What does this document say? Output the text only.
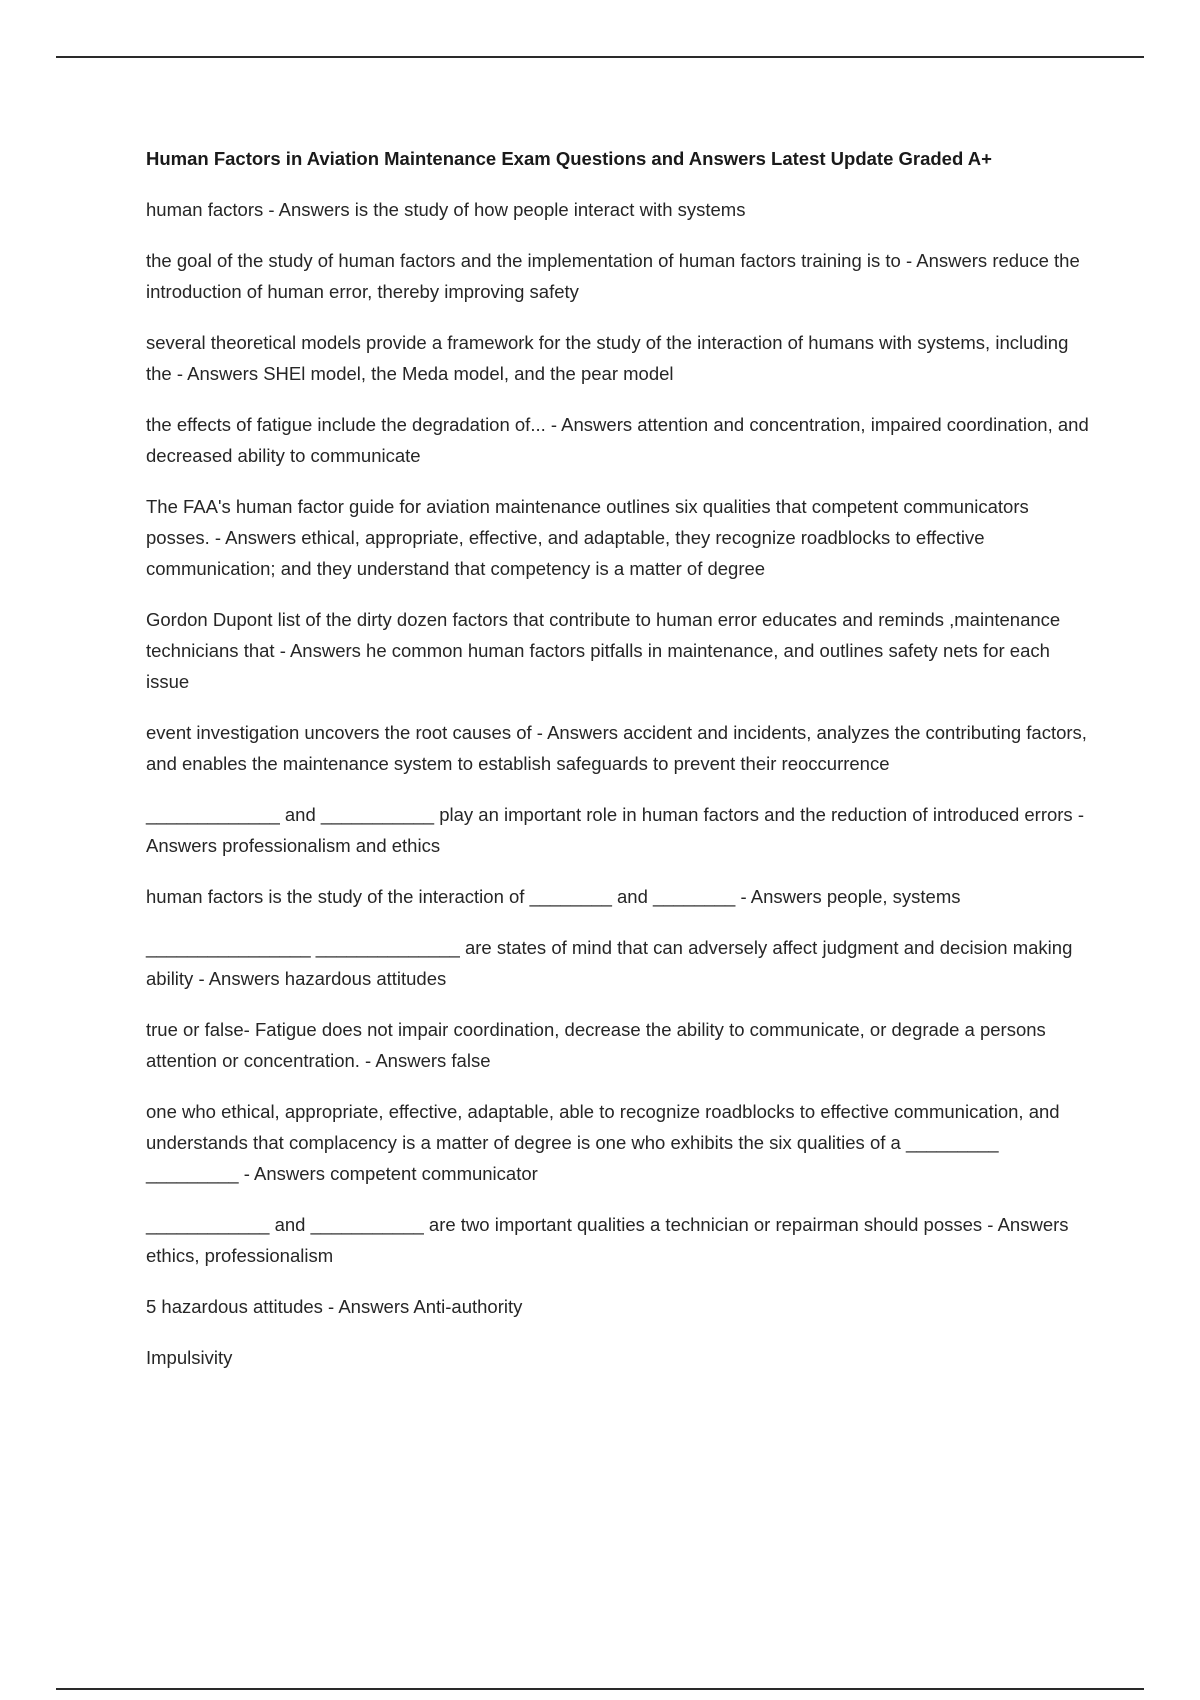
Human Factors in Aviation Maintenance Exam Questions and Answers Latest Update Graded A+

human factors - Answers is the study of how people interact with systems

the goal of the study of human factors and the implementation of human factors training is to - Answers reduce the introduction of human error, thereby improving safety

several theoretical models provide a framework for the study of the interaction of humans with systems, including the - Answers SHEl model, the Meda model, and the pear model

the effects of fatigue include the degradation of... - Answers attention and concentration, impaired coordination, and decreased ability to communicate

The FAA's human factor guide for aviation maintenance outlines six qualities that competent communicators posses. - Answers ethical, appropriate, effective, and adaptable, they recognize roadblocks to effective communication; and they understand that competency is a matter of degree

Gordon Dupont list of the dirty dozen factors that contribute to human error educates and reminds ,maintenance technicians that - Answers he common human factors pitfalls in maintenance, and outlines safety nets for each issue

event investigation uncovers the root causes of - Answers accident and incidents, analyzes the contributing factors, and enables the maintenance system to establish safeguards to prevent their reoccurrence

_____________ and ___________ play an important role in human factors and the reduction of introduced errors - Answers professionalism and ethics

human factors is the study of the interaction of ________ and ________ - Answers people, systems

________________ ______________ are states of mind that can adversely affect judgment and decision making ability - Answers hazardous attitudes

true or false- Fatigue does not impair coordination, decrease the ability to communicate, or degrade a persons attention or concentration. - Answers false

one who ethical, appropriate, effective, adaptable, able to recognize roadblocks to effective communication, and understands that complacency is a matter of degree is one who exhibits the six qualities of a _________ _________ - Answers competent communicator

____________ and ___________ are two important qualities a technician or repairman should posses - Answers ethics, professionalism

5 hazardous attitudes - Answers Anti-authority

Impulsivity
